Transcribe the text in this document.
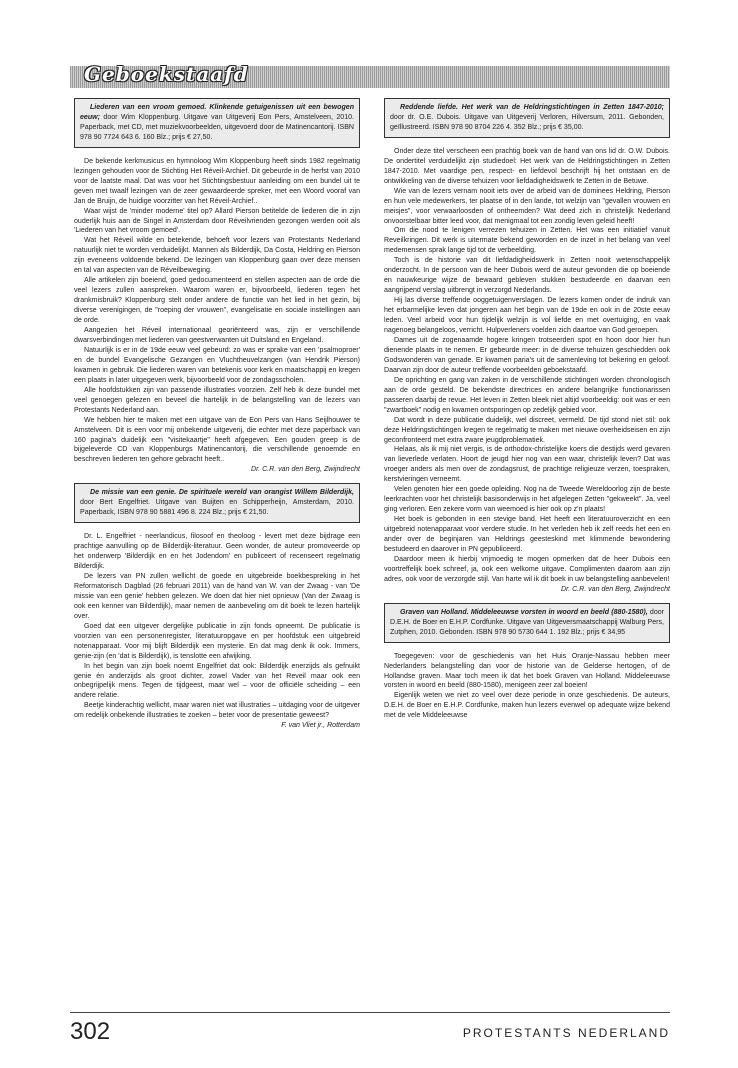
Geboekstaafd

Liederen van een vroom gemoed. Klinkende getuigenissen uit een bewogen eeuw; door Wim Kloppenburg. Uitgave van Uitgeverij Eon Pers, Amstelveen, 2010. Paperback, met CD, met muziekvoorbeelden, uitgevoerd door de Matinencantorij. ISBN 978 90 7724 643 6. 160 Blz.; prijs € 27,50.

De bekende kerkmusicus en hymnoloog Wim Kloppenburg heeft sinds 1982 regelmatig lezingen gehouden voor de Stichting Het Réveil-Archief. Dit gebeurde in de herfst van 2010 voor de laatste maal. Dat was voor het Stichtingsbestuur aanleiding om een bundel uit te geven met twaalf lezingen van de zeer gewaardeerde spreker, met een Woord vooraf van Jan de Bruijn, de huidige voorzitter van het Réveil-Archief..

Waar wijst de 'minder moderne' titel op? Allard Pierson betitelde de liederen die in zijn ouderlijk huis aan de Singel in Amsterdam door Réveilvrienden gezongen werden ooit als 'Liederen van het vroom gemoed'.

Wat het Réveil wilde en betekende, behoeft voor lezers van Protestants Nederland natuurlijk niet te worden verduidelijkt. Mannen als Bilderdijk, Da Costa, Heldring en Pierson zijn eveneens voldoende bekend. De lezingen van Kloppenburg gaan over deze mensen en tal van aspecten van de Réveilbeweging.

Alle artikelen zijn boeiend, goed gedocumenteerd en stellen aspecten aan de orde die veel lezers zullen aanspreken. Waarom waren er, bijvoorbeeld, liederen tegen het drankmisbruik? Kloppenburg stelt onder andere de functie van het lied in het gezin, bij diverse verenigingen, de "roeping der vrouwen", evangelisatie en sociale instellingen aan de orde.

Aangezien het Réveil internationaal georiënteerd was, zijn er verschillende dwarsverbindingen met liederen van geestverwanten uit Duitsland en Engeland.

Natuurlijk is er in de 19de eeuw veel gebeurd: zo was er sprake van een 'psalmoproer' en de bundel Evangelische Gezangen en Vluchtheuvelzangen (van Hendrik Pierson) kwamen in gebruik. Die liederen waren van betekenis voor kerk en maatschappij en kregen een plaats in later uitgegeven werk, bijvoorbeeld voor de zondagsscholen.

Alle hoofdstukken zijn van passende illustraties voorzien. Zelf heb ik deze bundel met veel genoegen gelezen en beveel die hartelijk in de belangstelling van de lezers van Protestants Nederland aan.

We hebben hier te maken met een uitgave van de Eon Pers van Hans Seijlhouwer te Amstelveen. Dit is een voor mij onbekende uitgeverij, die echter met deze paperback van 160 pagina's duidelijk een "visitekaartje" heeft afgegeven. Een gouden greep is de bijgeleverde CD van Kloppenburgs Matinencantorij, die verschillende genoemde en beschreven liederen ten gehore gebracht heeft..

Dr. C.R. van den Berg, Zwijndrecht

De missie van een genie. De spirituele wereld van orangist Willem Bilderdijk, door Bert Engelfriet. Uitgave van Buijten en Schipperheijn, Amsterdam, 2010. Paperback, ISBN 978 90 5881 496 8. 224 Blz.; prijs € 21,50.

Dr. L. Engelfriet - neerlandicus, filosoof en theoloog - levert met deze bijdrage een prachtige aanvulling op de Bilderdijk-literatuur. Geen wonder, de auteur promoveerde op het onderwerp 'Bilderdijk en en het Jodendom' en publiceert of recenseert regelmatig Bilderdijk.

De lezers van PN zullen wellicht de goede en uitgebreide boekbespreking in het Reformatorisch Dagblad (26 februari 2011) van de hand van W. van der Zwaag - van 'De missie van een genie' hebben gelezen. We doen dat hier niet opnieuw (Van der Zwaag is ook een kenner van Bilderdijk), maar nemen de aanbeveling om dit boek te lezen hartelijk over.

Goed dat een uitgever dergelijke publicatie in zijn fonds opneemt. De publicatie is voorzien van een personenregister, literatuuropgave en per hoofdstuk een uitgebreid notenapparaat. Voor mij blijft Bilderdijk een mysterie. En dat mag denk ik ook. Immers, genie-zijn (en 'dat is Bilderdijk), is tenslotte een afwijking.

In het begin van zijn boek noemt Engelfriet dat ook: Bilderdijk enerzijds als gefnuikt genie én anderzijds als groot dichter, zowel Vader van het Reveil maar ook een onbegrijpelijk mens. Tegen de tijdgeest, maar wel – voor de officiële scheiding – een andere relatie.

Beetje kinderachtig wellicht, maar waren niet wat illustraties – uitdaging voor de uitgever om redelijk onbekende illustraties te zoeken – beter voor de presentatie geweest?

F. van Vliet jr., Rotterdam

Reddende liefde. Het werk van de Heldringstichtingen in Zetten 1847-2010; door dr. O.E. Dubois. Uitgave van Uitgeverij Verloren, Hilversum, 2011. Gebonden, geïllustreerd. ISBN 978 90 8704 226 4. 352 Blz.; prijs € 35,00.

Onder deze titel verscheen een prachtig boek van de hand van ons lid dr. O.W. Dubois. De ondertitel verduidelijkt zijn studiedoel: Het werk van de Heldringstichtingen in Zetten 1847-2010. Met vaardige pen, respect- en liefdevol beschrijft hij het ontstaan en de ontwikkeling van de diverse tehuizen voor liefdadigheidswerk te Zetten in de Betuwe.

Wie van de lezers vernam nooit iets over de arbeid van de dominees Heldring, Pierson en hun vele medewerkers, ter plaatse of in den lande, tot welzijn van "gevallen vrouwen en meisjes", voor verwaarloosden of ontheemden? Wat deed zich in christelijk Nederland onvoorstelbaar bitter leed voor, dat menigmaal tot een zondig leven geleid heeft!

Om die nood te lenigen verrezen tehuizen in Zetten. Het was een initiatief vanuit Reveilkringen. Dit werk is uitermate bekend geworden en de inzet in het belang van veel medemensen sprak lange tijd tot de verbeelding.

Toch is de historie van dit liefdadigheidswerk in Zetten nooit wetenschappelijk onderzocht. In de persoon van de heer Dubois werd de auteur gevonden die op boeiende en nauwkeurige wijze de bewaard gebleven stukken bestudeerde en daarvan een aangrijpend verslag uitbrengt in verzorgd Nederlands.

Hij las diverse treffende ooggetuigenverslagen. De lezers komen onder de indruk van het erbarmelijke leven dat jongeren aan het begin van de 19de en ook in de 20ste eeuw leden. Veel arbeid voor hun tijdelijk welzijn is vol liefde en met overtuiging, en vaak nagenoeg belangeloos, verricht. Hulpverleners voelden zich daartoe van God geroepen.

Dames uit de zogenaamde hogere kringen trotseerden spot en hoon door hier hun dienende plaats in te nemen. Er gebeurde meer: in de diverse tehuizen geschiedden ook Godswonderen van genade. Er kwamen paria's uit de samenleving tot bekering en geloof. Daarvan zijn door de auteur treffende voorbeelden geboekstaafd.

De oprichting en gang van zaken in de verschillende stichtingen worden chronologisch aan de orde gesteld. De bekendste directrices en andere belangrijke functionarissen passeren daarbij de revue. Het leven in Zetten bleek niet altijd voorbeeldig: ooit was er een "zwartboek" nodig en kwamen ontsporingen op zedelijk gebied voor.

Dat wordt in deze publicatie duidelijk, wel discreet, vermeld. De tijd stond niet stil: ook deze Heldringstichtingen kregen te regelmatig te maken met nieuwe overheidseisen en zijn geconfronteerd met extra zware jeugdproblematiek.

Helaas, als ik mij niet vergis, is de orthodox-christelijke koers die destijds werd gevaren van lieverlede verlaten. Hoort de jeugd hier nog van een waar, christelijk leven? Dat was vroeger anders als men over de zondagsrust, de prachtige religieuze verzen, toespraken, kerstvieringen verneemt.

Velen genoten hier een goede opleiding. Nog na de Tweede Wereldoorlog zijn de beste leerkrachten voor het christelijk basisonderwijs in het afgelegen Zetten "gekweekt". Ja, veel ging verloren. Een zekere vorm van weemoed is hier ook op z'n plaats!

Het boek is gebonden in een stevige band. Het heeft een literatuuroverzicht en een uitgebreid notenapparaat voor verdere studie. In het verleden heb ik zelf reeds het een en ander over de beginjaren van Heldrings geesteskind met klimmende bewondering bestudeerd en daarover in PN gepubliceerd.

Daardoor meen ik hierbij vrijmoedig te mogen opmerken dat de heer Dubois een voortreffelijk boek schreef, ja, ook een welkome uitgave. Complimenten daarom aan zijn adres, ook voor de verzorgde stijl. Van harte wil ik dit boek in uw belangstelling aanbevelen!

Dr. C.R. van den Berg, Zwijndrecht

Graven van Holland. Middeleeuwse vorsten in woord en beeld (880-1580), door D.E.H. de Boer en E.H.P. Cordfunke. Uitgave van Uitgeversmaatschappij Walburg Pers, Zutphen, 2010. Gebonden. ISBN 978 90 5730 644 1. 192 Blz.; prijs € 34,95

Toegegeven: voor de geschiedenis van het Huis Oranje-Nassau hebben meer Nederlanders belangstelling dan voor de historie van de Gelderse hertogen, of de Hollandse graven. Maar toch meen ik dat het boek Graven van Holland. Middeleeuwse vorsten in woord en beeld (880-1580), menigeen zeer zal boeien!

Eigenlijk weten we niet zo veel over deze periode in onze geschiedenis. De auteurs, D.E.H. de Boer en E.H.P. Cordfunke, maken hun lezers evenwel op adequate wijze bekend met de vele Middeleeuwse

302	PROTESTANTS NEDERLAND
